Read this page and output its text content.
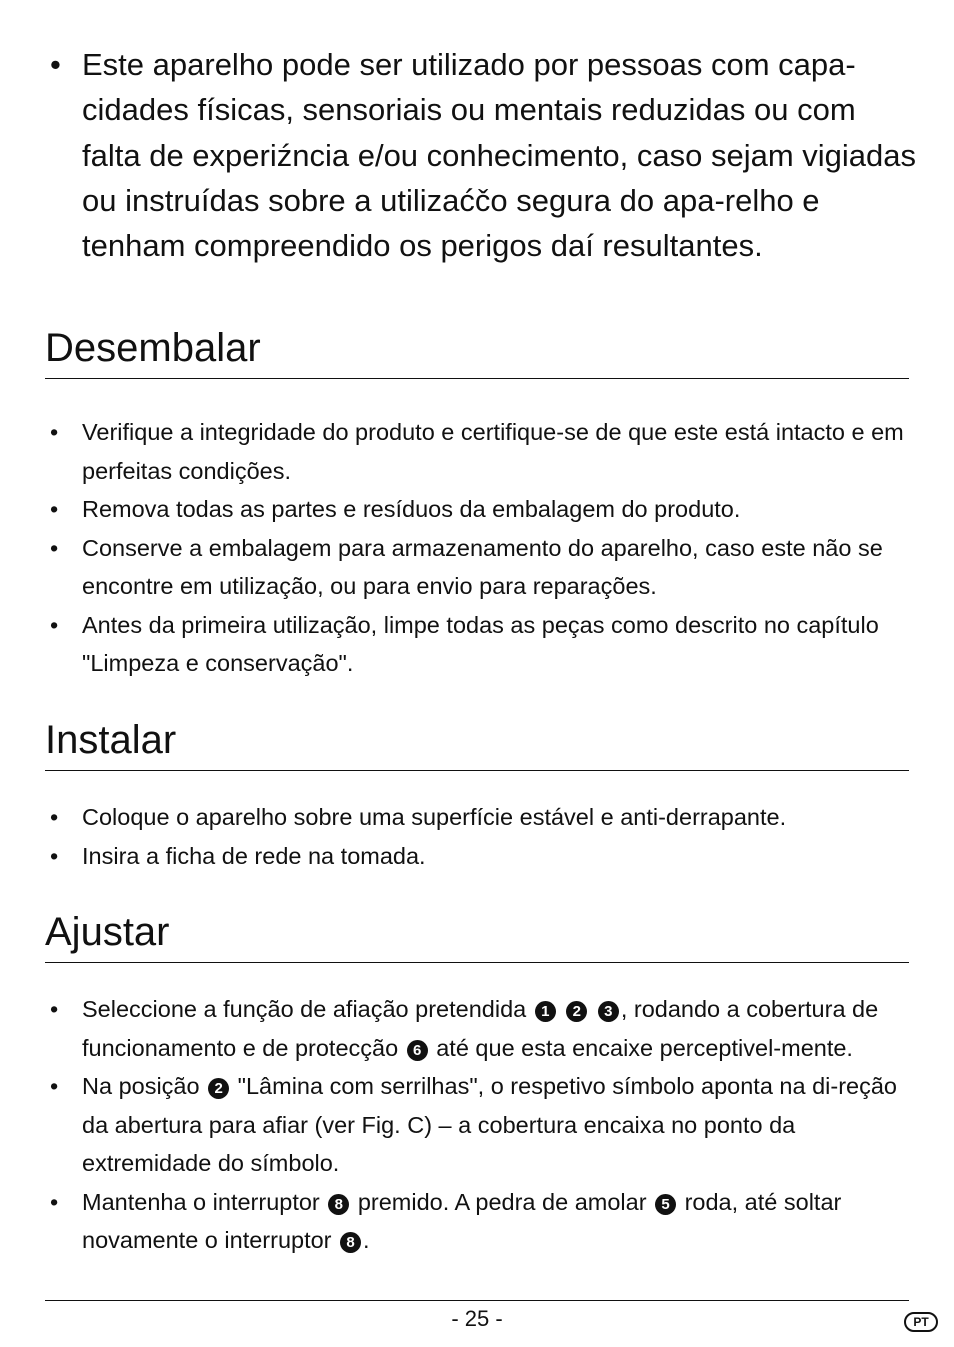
• Este aparelho pode ser utilizado por pessoas com capa-cidades físicas, sensoriais ou mentais reduzidas ou com falta de experiźncia e/ou conhecimento, caso sejam vigiadas ou instruídas sobre a utilizaćčo segura do apa-relho e tenham compreendido os perigos daí resultantes.
Desembalar
• Verifique a integridade do produto e certifique-se de que este está intacto e em perfeitas condições.
• Remova todas as partes e resíduos da embalagem do produto.
• Conserve a embalagem para armazenamento do aparelho, caso este não se encontre em utilização, ou para envio para reparações.
• Antes da primeira utilização, limpe todas as peças como descrito no capítulo "Limpeza e conservação".
Instalar
• Coloque o aparelho sobre uma superfície estável e anti-derrapante.
• Insira a ficha de rede na tomada.
Ajustar
• Seleccione a função de afiação pretendida 1 2 3 , rodando a cobertura de funcionamento e de protecção 6 até que esta encaixe perceptivel-mente.
• Na posição 2 "Lâmina com serrilhas", o respetivo símbolo aponta na di-reção da abertura para afiar (ver Fig. C) – a cobertura encaixa no ponto da extremidade do símbolo.
• Mantenha o interruptor 8 premido. A pedra de amolar 5 roda, até soltar novamente o interruptor 8 .
- 25 -	PT
